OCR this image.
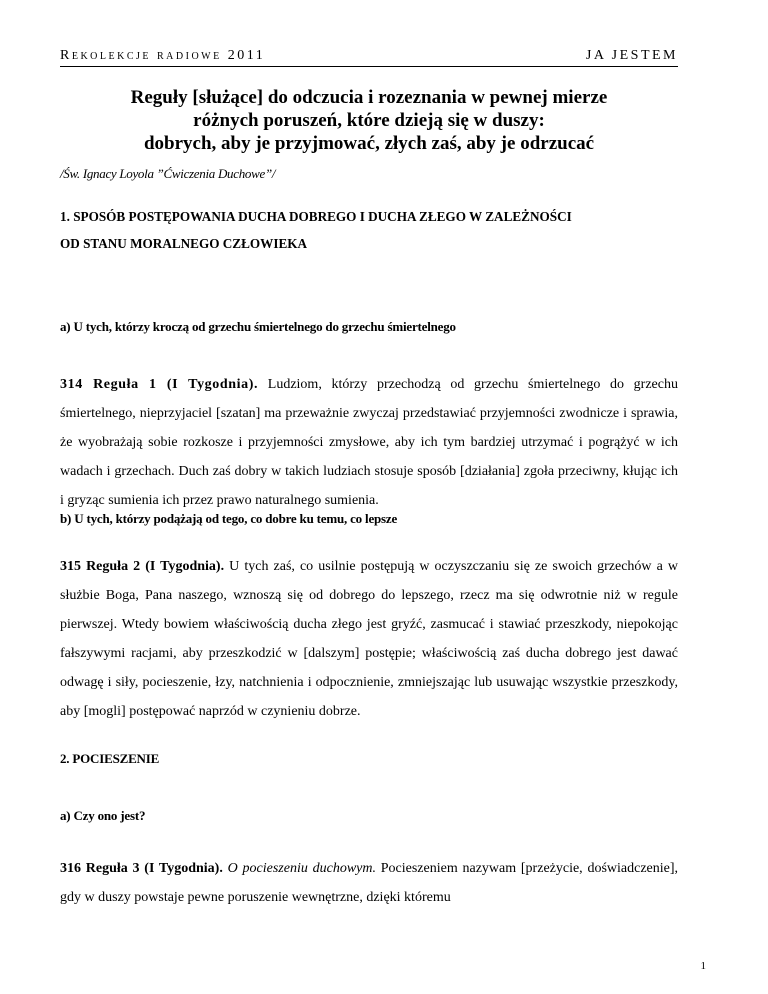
Rekolekcje radiowe 2011	JA JESTEM
Reguły [służące] do odczucia i rozeznania w pewnej mierze
różnych poruszeń, które dzieją się w duszy:
dobrych, aby je przyjmować, złych zaś, aby je odrzucać
/Św. Ignacy Loyola ”Ćwiczenia Duchowe”/
1. SPOSÓB POSTĘPOWANIA DUCHA DOBREGO I DUCHA ZŁEGO W ZALEŻNOŚCI
OD STANU MORALNEGO CZŁOWIEKA
a) U tych, którzy kroczą od grzechu śmiertelnego do grzechu śmiertelnego
314 Reguła 1 (I Tygodnia). Ludziom, którzy przechodzą od grzechu śmiertelnego do grzechu śmiertelnego, nieprzyjaciel [szatan] ma przeważnie zwyczaj przedstawiać przyjemności zwodnicze i sprawia, że wyobrażają sobie rozkosze i przyjemności zmysłowe, aby ich tym bardziej utrzymać i pogrążyć w ich wadach i grzechach. Duch zaś dobry w takich ludziach stosuje sposób [działania] zgoła przeciwny, kłując ich i gryząc sumienia ich przez prawo naturalnego sumienia.
b) U tych, którzy podążają od tego, co dobre ku temu, co lepsze
315 Reguła 2 (I Tygodnia). U tych zaś, co usilnie postępują w oczyszczaniu się ze swoich grzechów a w służbie Boga, Pana naszego, wznoszą się od dobrego do lepszego, rzecz ma się odwrotnie niż w regule pierwszej. Wtedy bowiem właściwością ducha złego jest gryźć, zasmucać i stawiać przeszkody, niepokojąc fałszywymi racjami, aby przeszkodzić w [dalszym] postępie; właściwością zaś ducha dobrego jest dawać odwagę i siły, pocieszenie, łzy, natchnienia i odpocznienie, zmniejszając lub usuwając wszystkie przeszkody, aby [mogli] postępować naprzód w czynieniu dobrze.
2. POCIESZENIE
a) Czy ono jest?
316 Reguła 3 (I Tygodnia). O pocieszeniu duchowym. Pocieszeniem nazywam [przeżycie, doświadczenie], gdy w duszy powstaje pewne poruszenie wewnętrzne, dzięki któremu
1
